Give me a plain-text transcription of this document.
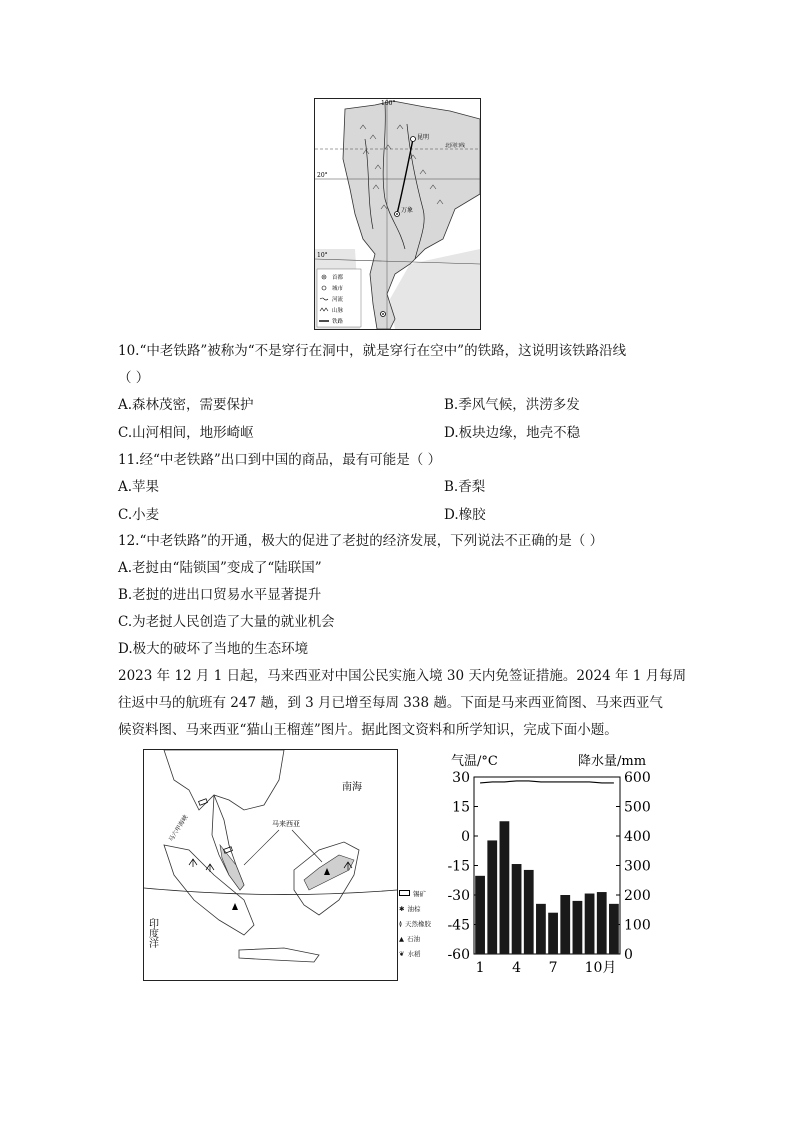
100°
20°
10°
昆明
万象
北回归线
首都
城市
河流
山脉
铁路
10.“中老铁路”被称为“不是穿行在洞中，就是穿行在空中”的铁路，这说明该铁路沿线
（ ）
A.森林茂密，需要保护	B.季风气候，洪涝多发
C.山河相间，地形崎岖	D.板块边缘，地壳不稳
11.经“中老铁路”出口到中国的商品，最有可能是（ ）
A.苹果	B.香梨
C.小麦	D.橡胶
12.“中老铁路”的开通，极大的促进了老挝的经济发展，下列说法不正确的是（ ）
A.老挝由“陆锁国”变成了“陆联国”
B.老挝的进出口贸易水平显著提升
C.为老挝人民创造了大量的就业机会
D.极大的破坏了当地的生态环境
2023 年 12 月 1 日起，马来西亚对中国公民实施入境 30 天内免签证措施。2024 年 1 月每周
往返中马的航班有 247 趟，到 3 月已增至每周 338 趟。下面是马来西亚简图、马来西亚气
候资料图、马来西亚“猫山王榴莲”图片。据此图文资料和所学知识，完成下面小题。
南海
马来西亚
马六甲海峡
印度洋
锡矿
✱ 油棕
≬ 天然橡胶
▲ 石油
❦ 水稻
气温/°C	降水量/mm
30
15
0
-15
-30
-45
-60
600
500
400
300
200
100
0
1 4 7 10月
